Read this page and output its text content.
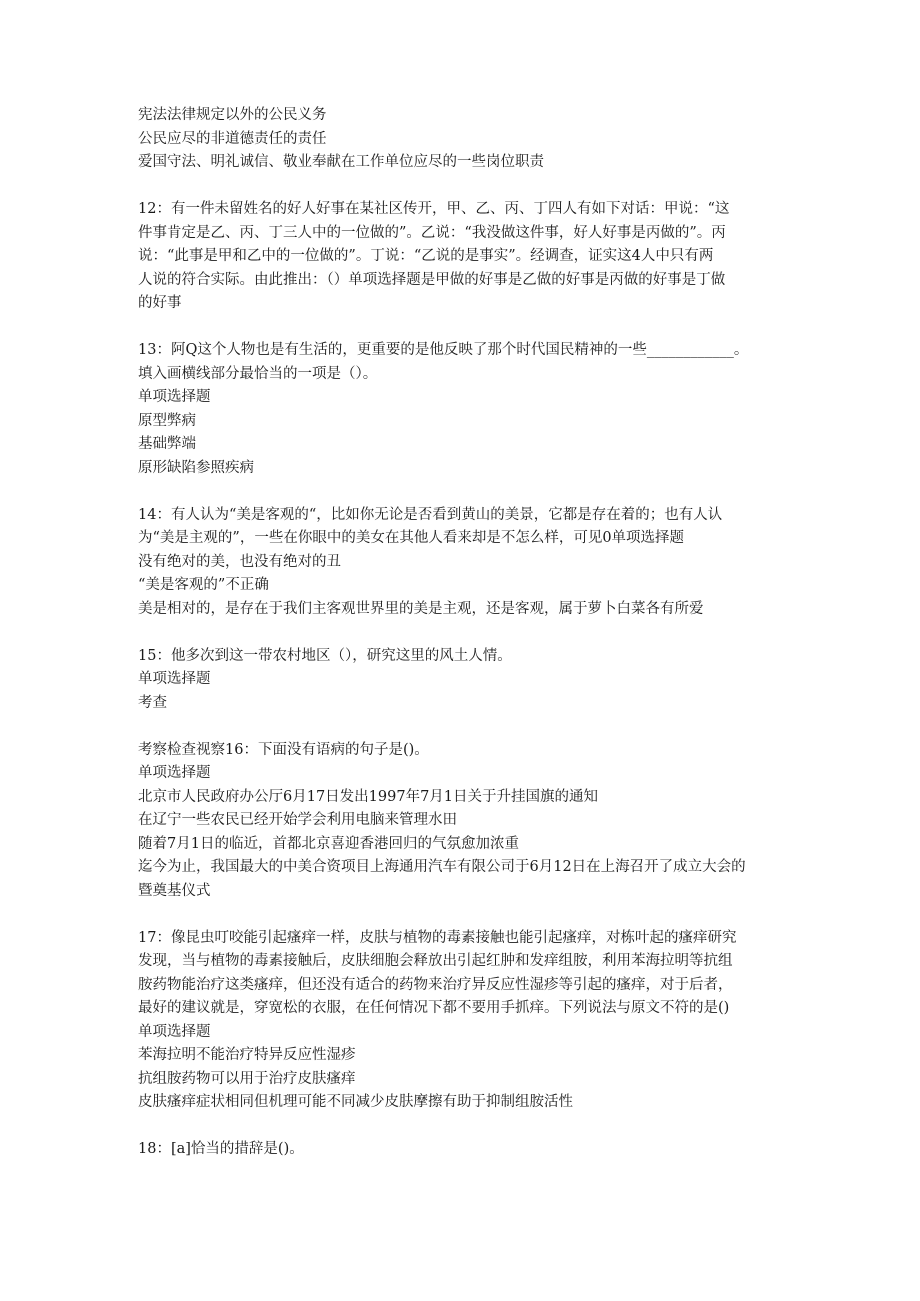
宪法法律规定以外的公民义务
公民应尽的非道德责任的责任
爱国守法、明礼诚信、敬业奉献在工作单位应尽的一些岗位职责
12：有一件未留姓名的好人好事在某社区传开，甲、乙、丙、丁四人有如下对话：甲说：“这
件事肯定是乙、丙、丁三人中的一位做的”。乙说：“我没做这件事，好人好事是丙做的”。丙
说：“此事是甲和乙中的一位做的”。丁说：“乙说的是事实”。经调查，证实这4人中只有两
人说的符合实际。由此推出：（）单项选择题是甲做的好事是乙做的好事是丙做的好事是丁做
的好事
13：阿Q这个人物也是有生活的，更重要的是他反映了那个时代国民精神的一些____________。
填入画横线部分最恰当的一项是（）。
单项选择题
原型弊病
基础弊端
原形缺陷参照疾病
14：有人认为“美是客观的“，比如你无论是否看到黄山的美景，它都是存在着的；也有人认
为“美是主观的”，一些在你眼中的美女在其他人看来却是不怎么样，可见0单项选择题
没有绝对的美，也没有绝对的丑
“美是客观的”不正确
美是相对的，是存在于我们主客观世界里的美是主观，还是客观，属于萝卜白菜各有所爱
15：他多次到这一带农村地区（），研究这里的风土人情。
单项选择题
考查
考察检查视察16：下面没有语病的句子是()。
单项选择题
北京市人民政府办公厅6月17日发出1997年7月1日关于升挂国旗的通知
在辽宁一些农民已经开始学会利用电脑来管理水田
随着7月1日的临近，首都北京喜迎香港回归的气氛愈加浓重
迄今为止，我国最大的中美合资项目上海通用汽车有限公司于6月12日在上海召开了成立大会的
暨奠基仪式
17：像昆虫叮咬能引起瘙痒一样，皮肤与植物的毒素接触也能引起瘙痒，对栋叶起的瘙痒研究
发现，当与植物的毒素接触后，皮肤细胞会释放出引起红肿和发痒组胺，利用苯海拉明等抗组
胺药物能治疗这类瘙痒，但还没有适合的药物来治疗异反应性湿疹等引起的瘙痒，对于后者，
最好的建议就是，穿宽松的衣服，在任何情况下都不要用手抓痒。下列说法与原文不符的是()
单项选择题
苯海拉明不能治疗特异反应性湿疹
抗组胺药物可以用于治疗皮肤瘙痒
皮肤瘙痒症状相同但机理可能不同减少皮肤摩擦有助于抑制组胺活性
18：[a]恰当的措辞是()。
